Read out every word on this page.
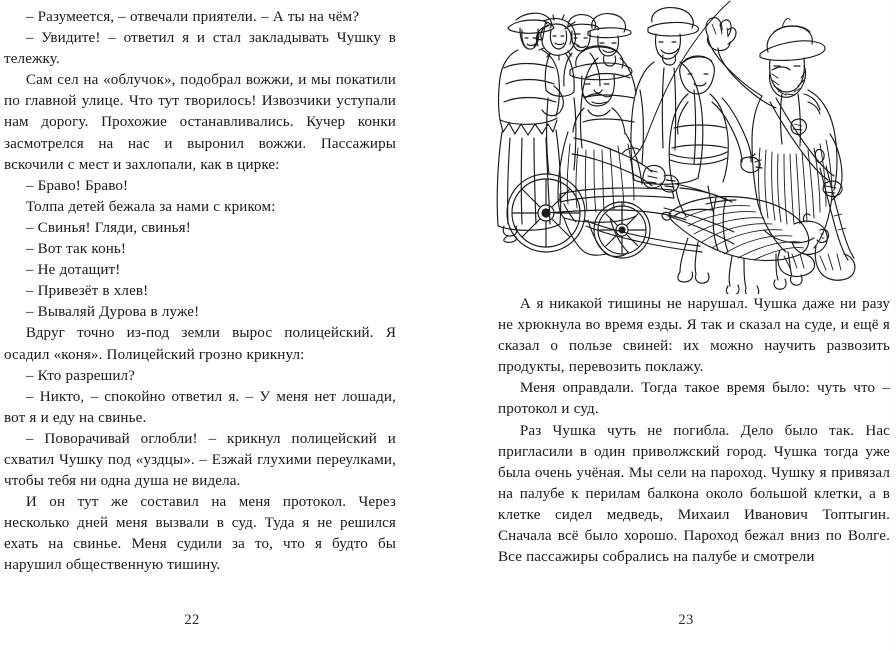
– Разумеется, – отвечали приятели. – А ты на чём?

– Увидите! – ответил я и стал закладывать Чушку в тележку.

Сам сел на «облучок», подобрал вожжи, и мы покатили по главной улице. Что тут творилось! Извозчики уступали нам дорогу. Прохожие останавливались. Кучер конки засмотрелся на нас и выронил вожжи. Пассажиры вскочили с мест и захлопали, как в цирке:

– Браво! Браво!

Толпа детей бежала за нами с криком:

– Свинья! Гляди, свинья!

– Вот так конь!

– Не дотащит!

– Привезёт в хлев!

– Вываляй Дурова в луже!

Вдруг точно из-под земли вырос полицейский. Я осадил «коня». Полицейский грозно крикнул:

– Кто разрешил?

– Никто, – спокойно ответил я. – У меня нет лошади, вот я и еду на свинье.

– Поворачивай оглобли! – крикнул полицейский и схватил Чушку под «уздцы». – Езжай глухими переулками, чтобы тебя ни одна душа не видела.

И он тут же составил на меня протокол. Через несколько дней меня вызвали в суд. Туда я не решился ехать на свинье. Меня судили за то, что я будто бы нарушил общественную тишину.

22

А я никакой тишины не нарушал. Чушка даже ни разу не хрюкнула во время езды. Я так и сказал на суде, и ещё я сказал о пользе свиней: их можно научить развозить продукты, перевозить поклажу.

Меня оправдали. Тогда такое время было: чуть что – протокол и суд.

Раз Чушка чуть не погибла. Дело было так. Нас пригласили в один приволжский город. Чушка тогда уже была очень учёная. Мы сели на пароход. Чушку я привязал на палубе к перилам балкона около большой клетки, а в клетке сидел медведь, Михаил Иванович Топтыгин. Сначала всё было хорошо. Пароход бежал вниз по Волге. Все пассажиры собрались на палубе и смотрели

23
